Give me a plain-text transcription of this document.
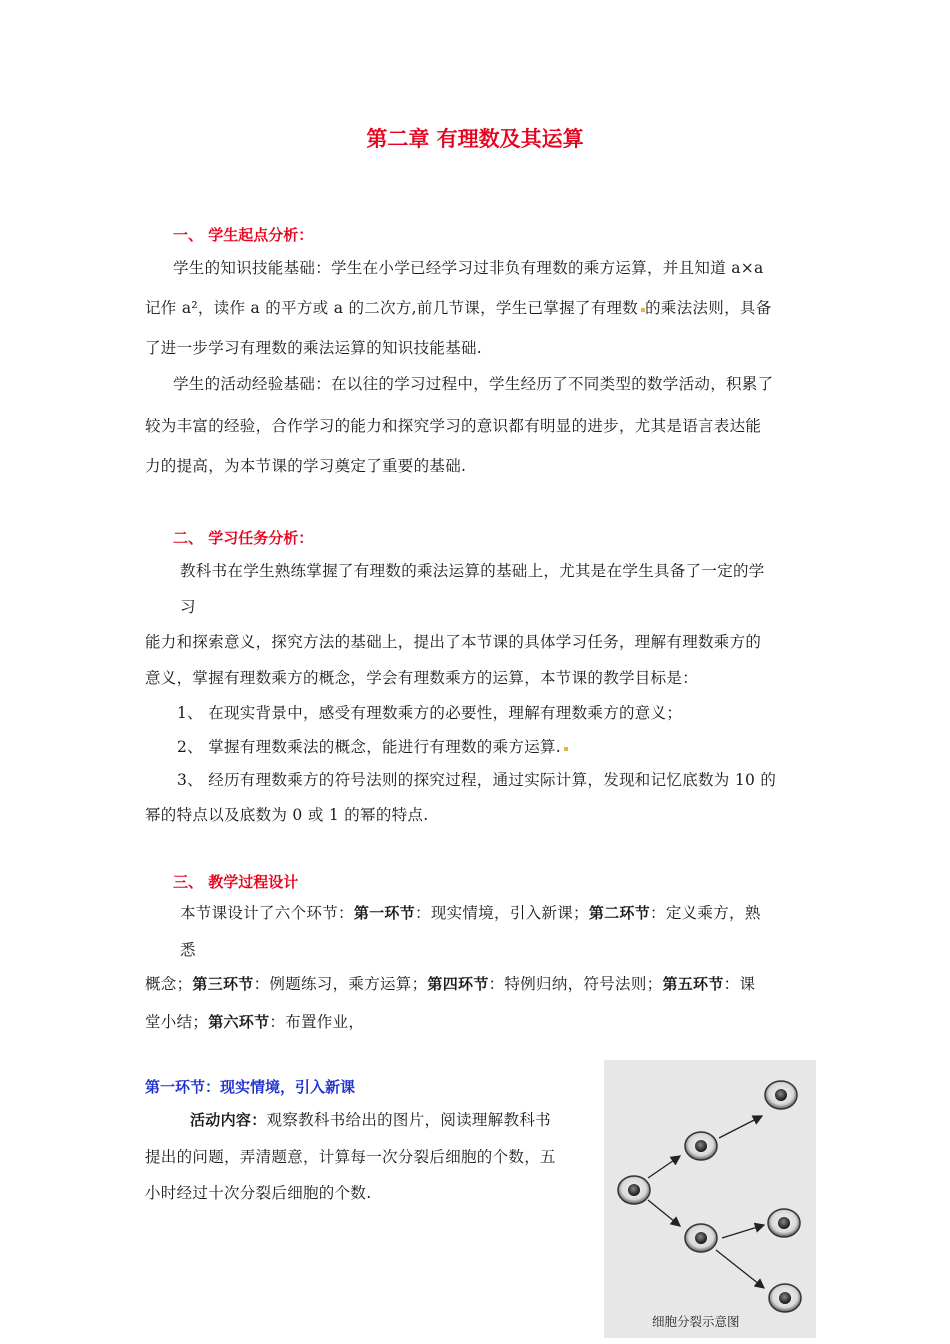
第二章 有理数及其运算
一、 学生起点分析：
学生的知识技能基础：学生在小学已经学习过非负有理数的乘方运算，并且知道 a×a
记作 a²，读作 a 的平方或 a 的二次方,前几节课，学生已掌握了有理数 的乘法法则，具备
了进一步学习有理数的乘法运算的知识技能基础.
学生的活动经验基础：在以往的学习过程中，学生经历了不同类型的数学活动，积累了
较为丰富的经验，合作学习的能力和探究学习的意识都有明显的进步，尤其是语言表达能
力的提高，为本节课的学习奠定了重要的基础.
二、 学习任务分析：
教科书在学生熟练掌握了有理数的乘法运算的基础上，尤其是在学生具备了一定的学
习
能力和探索意义，探究方法的基础上，提出了本节课的具体学习任务，理解有理数乘方的
意义，掌握有理数乘方的概念，学会有理数乘方的运算，本节课的教学目标是：
1、 在现实背景中，感受有理数乘方的必要性，理解有理数乘方的意义；
2、 掌握有理数乘法的概念，能进行有理数的乘方运算.
3、 经历有理数乘方的符号法则的探究过程，通过实际计算，发现和记忆底数为 10 的
幂的特点以及底数为 0 或 1 的幂的特点.
三、 教学过程设计
本节课设计了六个环节：第一环节：现实情境，引入新课；第二环节：定义乘方，熟
悉
概念；第三环节：例题练习，乘方运算；第四环节：特例归纳，符号法则；第五环节：课
堂小结；第六环节：布置作业，
第一环节：现实情境，引入新课
活动内容：观察教科书给出的图片，阅读理解教科书
提出的问题，弄清题意，计算每一次分裂后细胞的个数，五
小时经过十次分裂后细胞的个数.
细胞分裂示意图
